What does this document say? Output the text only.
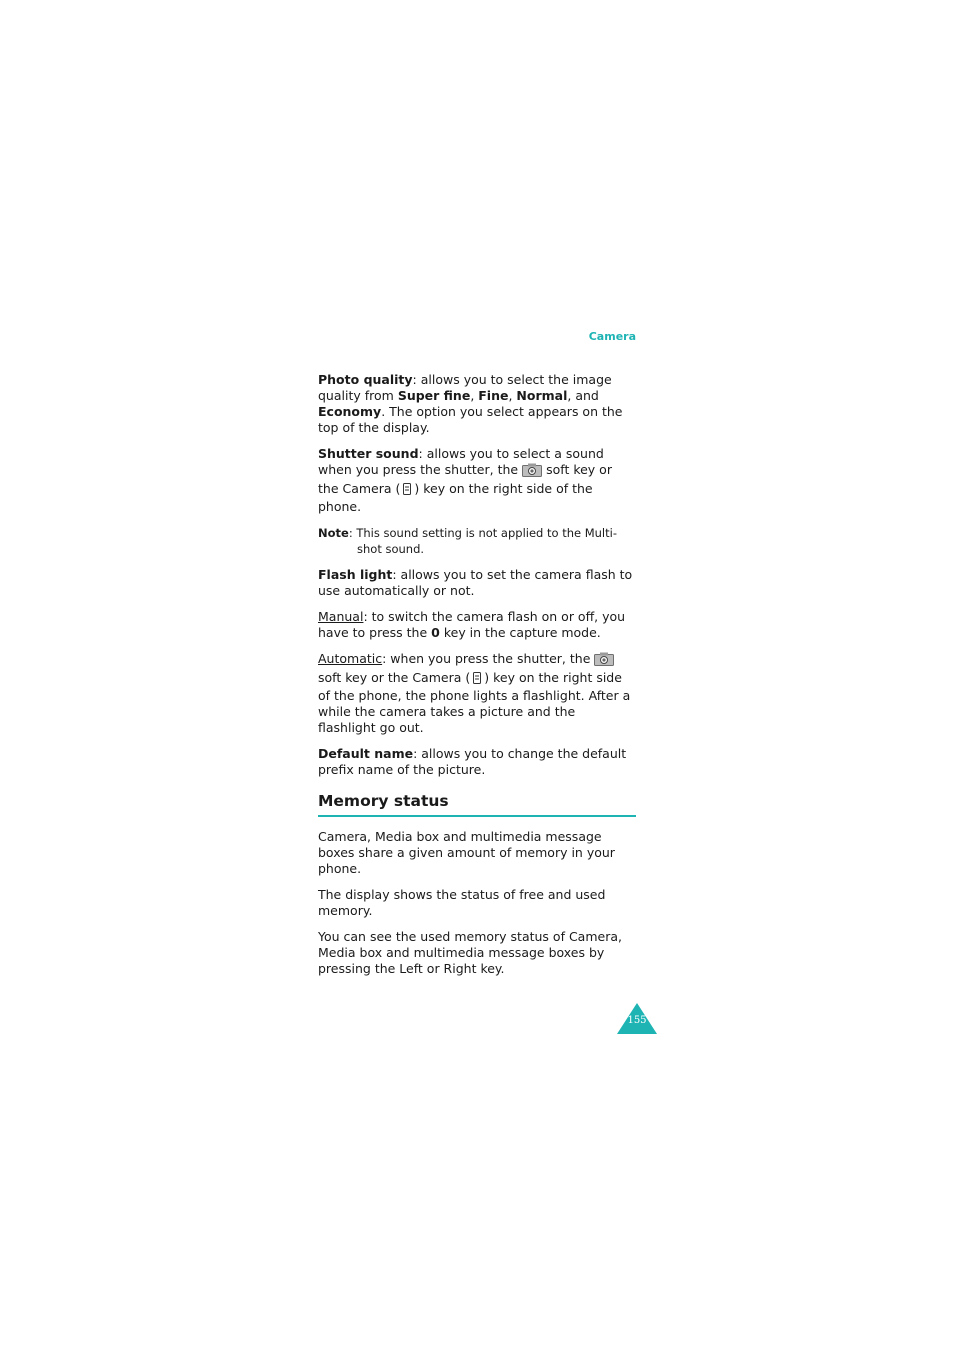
Camera

Photo quality: allows you to select the image quality from Super fine, Fine, Normal, and Economy. The option you select appears on the top of the display.

Shutter sound: allows you to select a sound when you press the shutter, the soft key or the Camera ( ) key on the right side of the phone.

Note: This sound setting is not applied to the Multi-shot sound.

Flash light: allows you to set the camera flash to use automatically or not.

Manual: to switch the camera flash on or off, you have to press the 0 key in the capture mode.

Automatic: when you press the shutter, thesoft key or the Camera ( ) key on the right side of the phone, the phone lights a flashlight. After a while the camera takes a picture and the flashlight go out.

Default name: allows you to change the default prefix name of the picture.

Memory status

Camera, Media box and multimedia message boxes share a given amount of memory in your phone.

The display shows the status of free and used memory.

You can see the used memory status of Camera, Media box and multimedia message boxes by pressing the Left or Right key.

155
